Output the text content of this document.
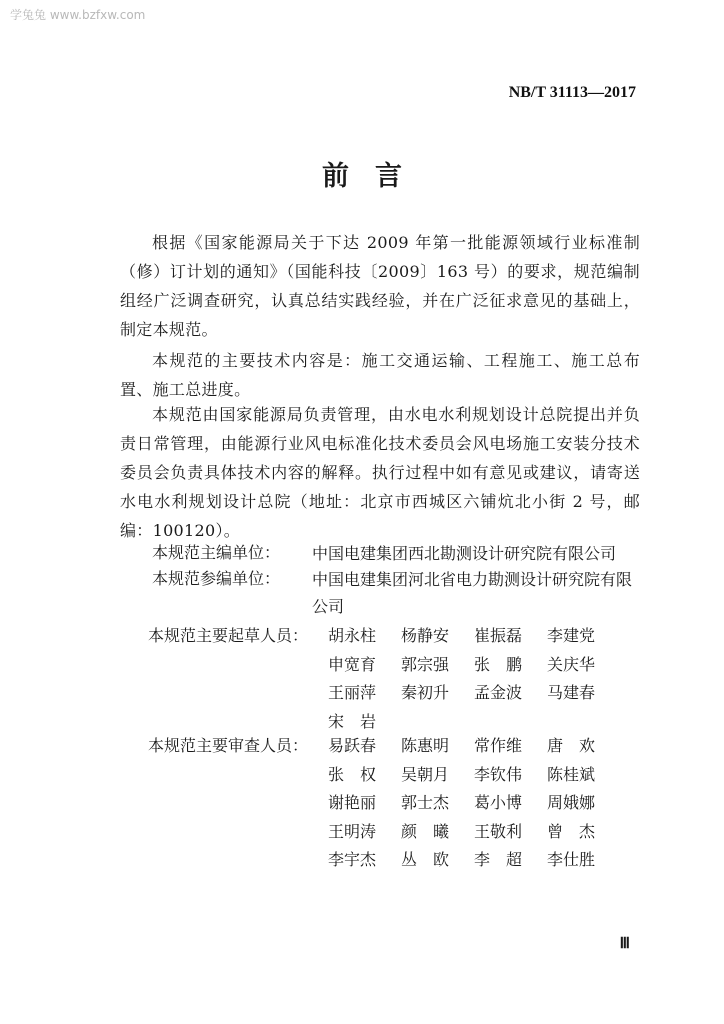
学兔兔 www.bzfxw.com
NB/T 31113—2017
前言

根据《国家能源局关于下达 2009 年第一批能源领域行业标准制（修）订计划的通知》（国能科技〔2009〕163 号）的要求，规范编制组经广泛调查研究，认真总结实践经验，并在广泛征求意见的基础上，制定本规范。

本规范的主要技术内容是：施工交通运输、工程施工、施工总布置、施工总进度。

本规范由国家能源局负责管理，由水电水利规划设计总院提出并负责日常管理，由能源行业风电标准化技术委员会风电场施工安装分技术委员会负责具体技术内容的解释。执行过程中如有意见或建议，请寄送水电水利规划设计总院（地址：北京市西城区六铺炕北小街 2 号，邮编：100120）。

本规范主编单位：	中国电建集团西北勘测设计研究院有限公司
本规范参编单位：	中国电建集团河北省电力勘测设计研究院有限公司
本规范主要起草人员： 胡永柱	杨静安	崔振磊	李建党
申宽育	郭宗强	张　鹏	关庆华
王丽萍	秦初升	孟金波	马建春
宋　岩
本规范主要审查人员： 易跃春	陈惠明	常作维	唐　欢
张　权	吴朝月	李钦伟	陈桂斌
谢艳丽	郭士杰	葛小博	周娥娜
王明涛	颜　曦	王敬利	曾　杰
李宇杰	丛　欧	李　超	李仕胜
Ⅲ
